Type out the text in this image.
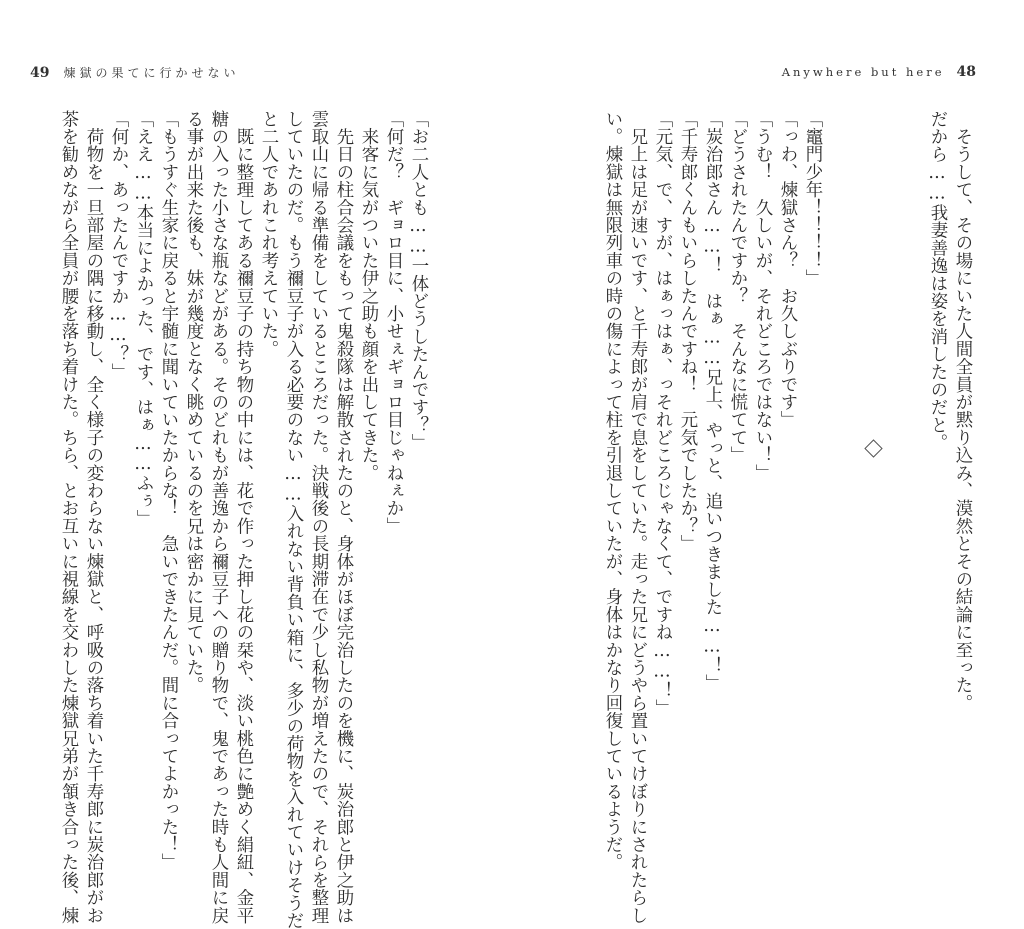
49 煉獄の果てに行かせない
「お二人とも……一体どうしたんです？」
「何だ？　ギョロ目に、小せぇギョロ目じゃねぇか」
　来客に気がついた伊之助も顔を出してきた。
　先日の柱合会議をもって鬼殺隊は解散されたのと、身体がほぼ完治したのを機に、炭治郎と伊之助は
雲取山に帰る準備をしているところだった。決戦後の長期滞在で少し私物が増えたので、それらを整理
していたのだ。もう禰豆子が入る必要のない……入れない背負い箱に、多少の荷物を入れていけそうだ
と二人であれこれ考えていた。
　既に整理してある禰豆子の持ち物の中には、花で作った押し花の栞や、淡い桃色に艶めく絹紐、金平
糖の入った小さな瓶などがある。そのどれもが善逸から禰豆子への贈り物で、鬼であった時も人間に戻
る事が出来た後も、妹が幾度となく眺めているのを兄は密かに見ていた。
「もうすぐ生家に戻ると宇髄に聞いていたからな！　急いできたんだ。間に合ってよかった！」
「ええ……本当によかった、です、はぁ……ふぅ」
「何か、あったんですか……？」
　荷物を一旦部屋の隅に移動し、全く様子の変わらない煉獄と、呼吸の落ち着いた千寿郎に炭治郎がお
茶を勧めながら全員が腰を落ち着けた。ちら、とお互いに視線を交わした煉獄兄弟が頷き合った後、煉
Anywhere but here 48
　そうして、その場にいた人間全員が黙り込み、漠然とその結論に至った。
だから……我妻善逸は姿を消したのだと。
「竈門少年！！！！」
「っわ、煉獄さん？　お久しぶりです」
「うむ！　久しいが、それどころではない！」
「どうされたんですか？　そんなに慌てて」
「炭治郎さん……！　はぁ……兄上、やっと、追いつきました……！」
「千寿郎くんもいらしたんですね！　元気でしたか？」
「元気、で、すが、はぁっはぁ、っそれどころじゃなくて、ですね……！」
　兄上は足が速いです、と千寿郎が肩で息をしていた。走った兄にどうやら置いてけぼりにされたらし
い。煉獄は無限列車の時の傷によって柱を引退していたが、身体はかなり回復しているようだ。
